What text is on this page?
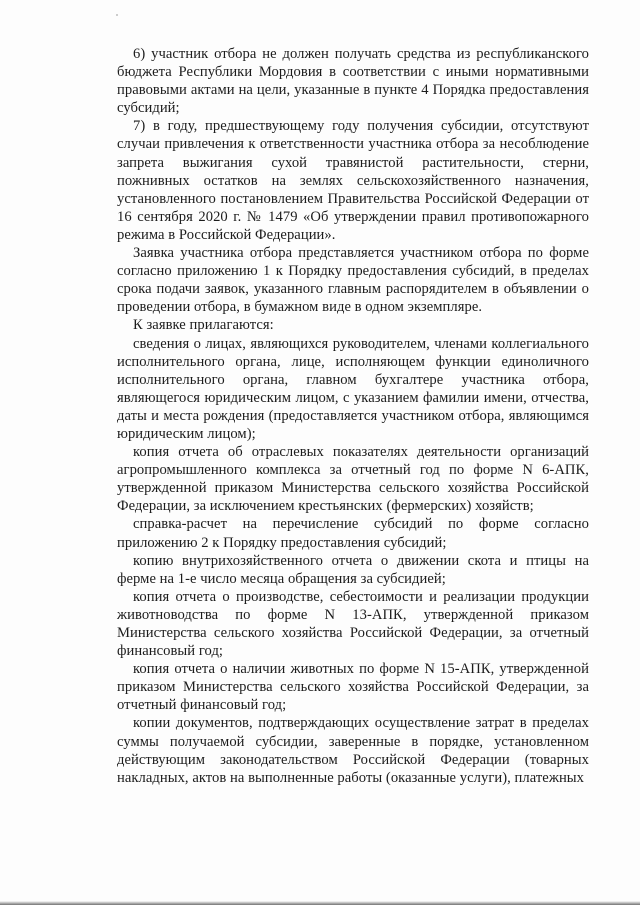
6) участник отбора не должен получать средства из республиканского бюджета Республики Мордовия в соответствии с иными нормативными правовыми актами на цели, указанные в пункте 4 Порядка предоставления субсидий;

7) в году, предшествующему году получения субсидии, отсутствуют случаи привлечения к ответственности участника отбора за несоблюдение запрета выжигания сухой травянистой растительности, стерни, пожнивных остатков на землях сельскохозяйственного назначения, установленного постановлением Правительства Российской Федерации от 16 сентября 2020 г. № 1479 «Об утверждении правил противопожарного режима в Российской Федерации».

Заявка участника отбора представляется участником отбора по форме согласно приложению 1 к Порядку предоставления субсидий, в пределах срока подачи заявок, указанного главным распорядителем в объявлении о проведении отбора, в бумажном виде в одном экземпляре.

К заявке прилагаются:

сведения о лицах, являющихся руководителем, членами коллегиального исполнительного органа, лице, исполняющем функции единоличного исполнительного органа, главном бухгалтере участника отбора, являющегося юридическим лицом, с указанием фамилии имени, отчества, даты и места рождения (предоставляется участником отбора, являющимся юридическим лицом);

копия отчета об отраслевых показателях деятельности организаций агропромышленного комплекса за отчетный год по форме N 6-АПК, утвержденной приказом Министерства сельского хозяйства Российской Федерации, за исключением крестьянских (фермерских) хозяйств;

справка-расчет на перечисление субсидий по форме согласно приложению 2 к Порядку предоставления субсидий;

копию внутрихозяйственного отчета о движении скота и птицы на ферме на 1-е число месяца обращения за субсидией;

копия отчета о производстве, себестоимости и реализации продукции животноводства по форме N 13-АПК, утвержденной приказом Министерства сельского хозяйства Российской Федерации, за отчетный финансовый год;

копия отчета о наличии животных по форме N 15-АПК, утвержденной приказом Министерства сельского хозяйства Российской Федерации, за отчетный финансовый год;

копии документов, подтверждающих осуществление затрат в пределах суммы получаемой субсидии, заверенные в порядке, установленном действующим законодательством Российской Федерации (товарных накладных, актов на выполненные работы (оказанные услуги), платежных
